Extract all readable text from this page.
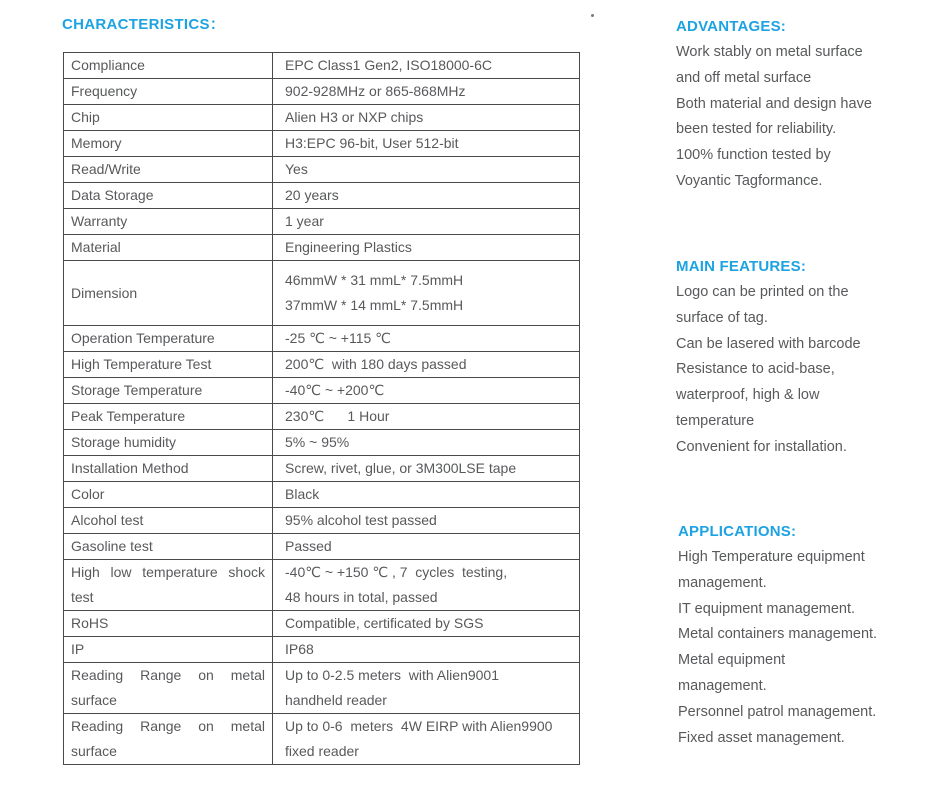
CHARACTERISTICS：
Compliance	EPC Class1 Gen2, ISO18000-6C
Frequency	902-928MHz or 865-868MHz
Chip	Alien H3 or NXP chips
Memory	H3:EPC 96-bit, User 512-bit
Read/Write	Yes
Data Storage	20 years
Warranty	1 year
Material	Engineering Plastics
Dimension	46mmW * 31 mmL* 7.5mmH
37mmW * 14 mmL* 7.5mmH
Operation Temperature	-25 ℃ ~ +115 ℃
High Temperature Test	200℃  with 180 days passed
Storage Temperature	-40℃ ~ +200℃
Peak Temperature	230℃      1 Hour
Storage humidity	5% ~ 95%
Installation Method	Screw, rivet, glue, or 3M300LSE tape
Color	Black
Alcohol test	95% alcohol test passed
Gasoline test	Passed
High low temperature shock test	-40℃ ~ +150 ℃ , 7  cycles  testing,
48 hours in total, passed
RoHS	Compatible, certificated by SGS
IP	IP68
Reading Range on metal surface	Up to 0-2.5 meters  with Alien9001
handheld reader
Reading Range on metal surface	Up to 0-6  meters  4W EIRP with Alien9900
fixed reader
ADVANTAGES:
Work stably on metal surface
and off metal surface
Both material and design have
been tested for reliability.
100% function tested by
Voyantic Tagformance.
MAIN FEATURES:
Logo can be printed on the
surface of tag.
Can be lasered with barcode
Resistance to acid-base,
waterproof, high & low
temperature
Convenient for installation.
APPLICATIONS:
High Temperature equipment
management.
IT equipment management.
Metal containers management.
Metal equipment
management.
Personnel patrol management.
Fixed asset management.
